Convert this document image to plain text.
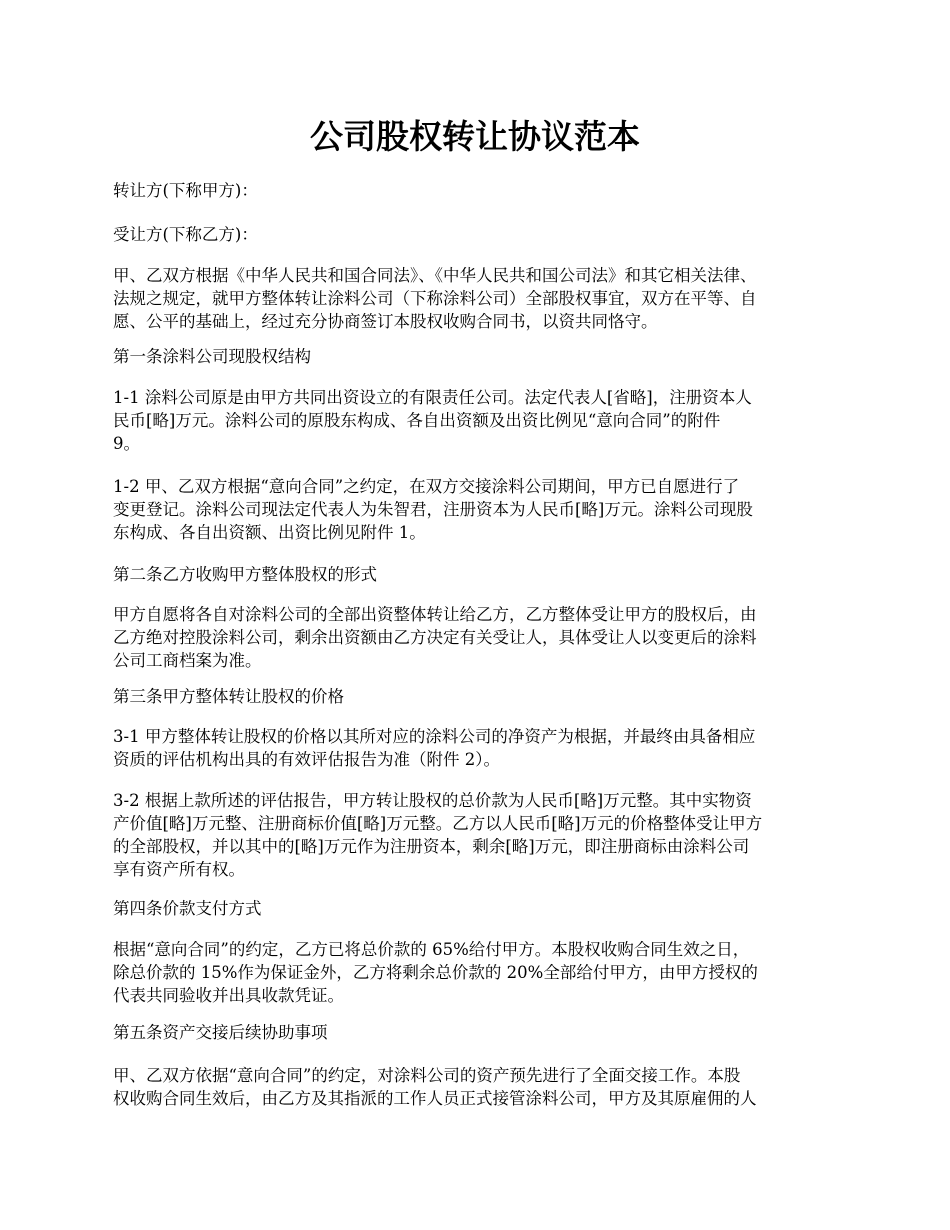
公司股权转让协议范本

转让方(下称甲方)：

受让方(下称乙方)：

甲、乙双方根据《中华人民共和国合同法》、《中华人民共和国公司法》和其它相关法律、
法规之规定，就甲方整体转让涂料公司（下称涂料公司）全部股权事宜，双方在平等、自
愿、公平的基础上，经过充分协商签订本股权收购合同书，以资共同恪守。

第一条涂料公司现股权结构

1-1 涂料公司原是由甲方共同出资设立的有限责任公司。法定代表人[省略]，注册资本人
民币[略]万元。涂料公司的原股东构成、各自出资额及出资比例见“意向合同”的附件
9。

1-2 甲、乙双方根据“意向合同”之约定，在双方交接涂料公司期间，甲方已自愿进行了
变更登记。涂料公司现法定代表人为朱智君，注册资本为人民币[略]万元。涂料公司现股
东构成、各自出资额、出资比例见附件 1。

第二条乙方收购甲方整体股权的形式

甲方自愿将各自对涂料公司的全部出资整体转让给乙方，乙方整体受让甲方的股权后，由
乙方绝对控股涂料公司，剩余出资额由乙方决定有关受让人，具体受让人以变更后的涂料
公司工商档案为准。

第三条甲方整体转让股权的价格

3-1 甲方整体转让股权的价格以其所对应的涂料公司的净资产为根据，并最终由具备相应
资质的评估机构出具的有效评估报告为准（附件 2）。

3-2 根据上款所述的评估报告，甲方转让股权的总价款为人民币[略]万元整。其中实物资
产价值[略]万元整、注册商标价值[略]万元整。乙方以人民币[略]万元的价格整体受让甲方
的全部股权，并以其中的[略]万元作为注册资本，剩余[略]万元，即注册商标由涂料公司
享有资产所有权。

第四条价款支付方式

根据“意向合同”的约定，乙方已将总价款的 65%给付甲方。本股权收购合同生效之日，
除总价款的 15%作为保证金外，乙方将剩余总价款的 20%全部给付甲方，由甲方授权的
代表共同验收并出具收款凭证。

第五条资产交接后续协助事项

甲、乙双方依据“意向合同”的约定，对涂料公司的资产预先进行了全面交接工作。本股
权收购合同生效后，由乙方及其指派的工作人员正式接管涂料公司，甲方及其原雇佣的人
